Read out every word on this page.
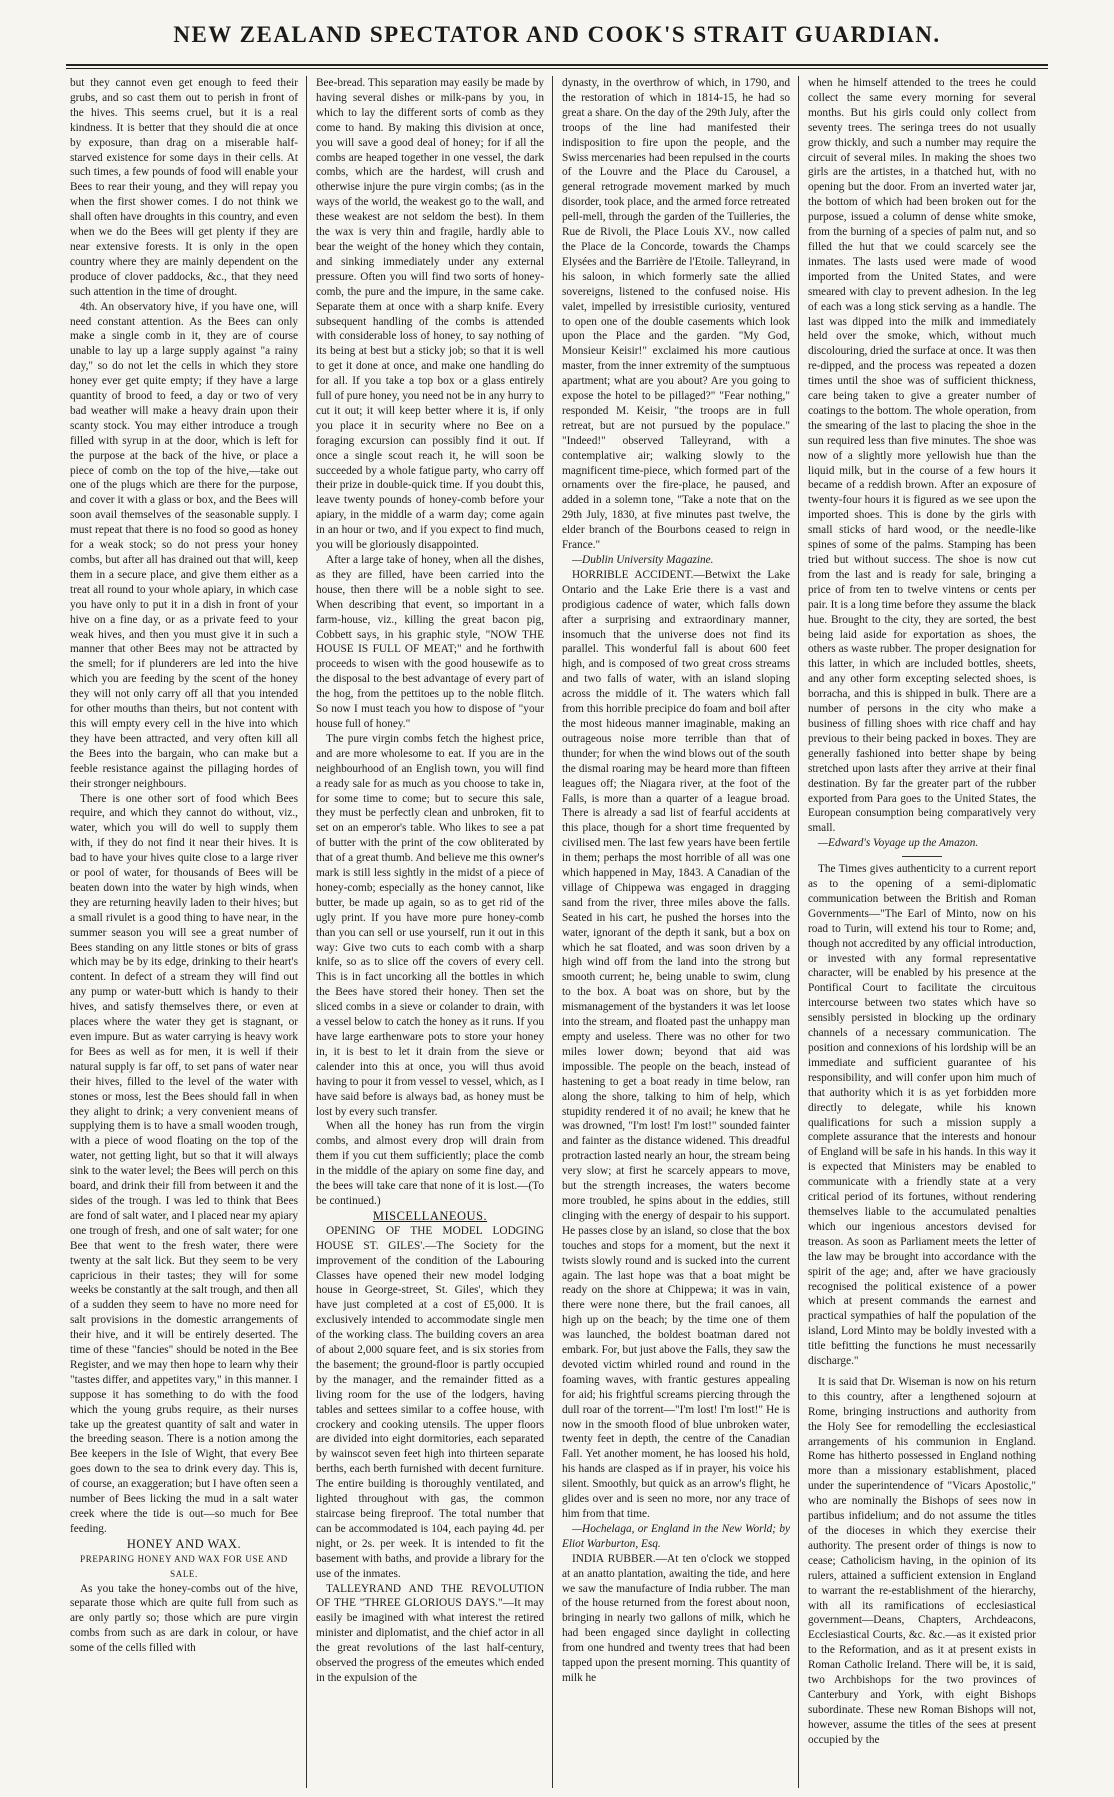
NEW ZEALAND SPECTATOR AND COOK'S STRAIT GUARDIAN.

but they cannot even get enough to feed their grubs, and so cast them out to perish in front of the hives. This seems cruel, but it is a real kindness. It is better that they should die at once by exposure, than drag on a miserable half-starved existence for some days in their cells. At such times, a few pounds of food will enable your Bees to rear their young, and they will repay you when the first shower comes. I do not think we shall often have droughts in this country, and even when we do the Bees will get plenty if they are near extensive forests. It is only in the open country where they are mainly dependent on the produce of clover paddocks, &c., that they need such attention in the time of drought.

4th. An observatory hive, if you have one, will need constant attention. As the Bees can only make a single comb in it, they are of course unable to lay up a large supply against "a rainy day," so do not let the cells in which they store honey ever get quite empty; if they have a large quantity of brood to feed, a day or two of very bad weather will make a heavy drain upon their scanty stock. You may either introduce a trough filled with syrup in at the door, which is left for the purpose at the back of the hive, or place a piece of comb on the top of the hive,—take out one of the plugs which are there for the purpose, and cover it with a glass or box, and the Bees will soon avail themselves of the seasonable supply. I must repeat that there is no food so good as honey for a weak stock; so do not press your honey combs, but after all has drained out that will, keep them in a secure place, and give them either as a treat all round to your whole apiary, in which case you have only to put it in a dish in front of your hive on a fine day, or as a private feed to your weak hives, and then you must give it in such a manner that other Bees may not be attracted by the smell; for if plunderers are led into the hive which you are feeding by the scent of the honey they will not only carry off all that you intended for other mouths than theirs, but not content with this will empty every cell in the hive into which they have been attracted, and very often kill all the Bees into the bargain, who can make but a feeble resistance against the pillaging hordes of their stronger neighbours.

There is one other sort of food which Bees require, and which they cannot do without, viz., water, which you will do well to supply them with, if they do not find it near their hives. It is bad to have your hives quite close to a large river or pool of water, for thousands of Bees will be beaten down into the water by high winds, when they are returning heavily laden to their hives; but a small rivulet is a good thing to have near, in the summer season you will see a great number of Bees standing on any little stones or bits of grass which may be by its edge, drinking to their heart's content. In defect of a stream they will find out any pump or water-butt which is handy to their hives, and satisfy themselves there, or even at places where the water they get is stagnant, or even impure. But as water carrying is heavy work for Bees as well as for men, it is well if their natural supply is far off, to set pans of water near their hives, filled to the level of the water with stones or moss, lest the Bees should fall in when they alight to drink; a very convenient means of supplying them is to have a small wooden trough, with a piece of wood floating on the top of the water, not getting light, but so that it will always sink to the water level; the Bees will perch on this board, and drink their fill from between it and the sides of the trough. I was led to think that Bees are fond of salt water, and I placed near my apiary one trough of fresh, and one of salt water; for one Bee that went to the fresh water, there were twenty at the salt lick. But they seem to be very capricious in their tastes; they will for some weeks be constantly at the salt trough, and then all of a sudden they seem to have no more need for salt provisions in the domestic arrangements of their hive, and it will be entirely deserted. The time of these "fancies" should be noted in the Bee Register, and we may then hope to learn why their "tastes differ, and appetites vary," in this manner. I suppose it has something to do with the food which the young grubs require, as their nurses take up the greatest quantity of salt and water in the breeding season. There is a notion among the Bee keepers in the Isle of Wight, that every Bee goes down to the sea to drink every day. This is, of course, an exaggeration; but I have often seen a number of Bees licking the mud in a salt water creek where the tide is out—so much for Bee feeding.

HONEY AND WAX.

PREPARING HONEY AND WAX FOR USE AND SALE.

As you take the honey-combs out of the hive, separate those which are quite full from such as are only partly so; those which are pure virgin combs from such as are dark in colour, or have some of the cells filled with

Bee-bread. This separation may easily be made by having several dishes or milk-pans by you, in which to lay the different sorts of comb as they come to hand. By making this division at once, you will save a good deal of honey; for if all the combs are heaped together in one vessel, the dark combs, which are the hardest, will crush and otherwise injure the pure virgin combs; (as in the ways of the world, the weakest go to the wall, and these weakest are not seldom the best). In them the wax is very thin and fragile, hardly able to bear the weight of the honey which they contain, and sinking immediately under any external pressure. Often you will find two sorts of honey-comb, the pure and the impure, in the same cake. Separate them at once with a sharp knife. Every subsequent handling of the combs is attended with considerable loss of honey, to say nothing of its being at best but a sticky job; so that it is well to get it done at once, and make one handling do for all. If you take a top box or a glass entirely full of pure honey, you need not be in any hurry to cut it out; it will keep better where it is, if only you place it in security where no Bee on a foraging excursion can possibly find it out. If once a single scout reach it, he will soon be succeeded by a whole fatigue party, who carry off their prize in double-quick time. If you doubt this, leave twenty pounds of honey-comb before your apiary, in the middle of a warm day; come again in an hour or two, and if you expect to find much, you will be gloriously disappointed.

After a large take of honey, when all the dishes, as they are filled, have been carried into the house, then there will be a noble sight to see. When describing that event, so important in a farm-house, viz., killing the great bacon pig, Cobbett says, in his graphic style, "NOW THE HOUSE IS FULL OF MEAT;" and he forthwith proceeds to wisen with the good housewife as to the disposal to the best advantage of every part of the hog, from the pettitoes up to the noble flitch. So now I must teach you how to dispose of "your house full of honey."

The pure virgin combs fetch the highest price, and are more wholesome to eat. If you are in the neighbourhood of an English town, you will find a ready sale for as much as you choose to take in, for some time to come; but to secure this sale, they must be perfectly clean and unbroken, fit to set on an emperor's table. Who likes to see a pat of butter with the print of the cow obliterated by that of a great thumb. And believe me this owner's mark is still less sightly in the midst of a piece of honey-comb; especially as the honey cannot, like butter, be made up again, so as to get rid of the ugly print. If you have more pure honey-comb than you can sell or use yourself, run it out in this way: Give two cuts to each comb with a sharp knife, so as to slice off the covers of every cell. This is in fact uncorking all the bottles in which the Bees have stored their honey. Then set the sliced combs in a sieve or colander to drain, with a vessel below to catch the honey as it runs. If you have large earthenware pots to store your honey in, it is best to let it drain from the sieve or calender into this at once, you will thus avoid having to pour it from vessel to vessel, which, as I have said before is always bad, as honey must be lost by every such transfer.

When all the honey has run from the virgin combs, and almost every drop will drain from them if you cut them sufficiently; place the comb in the middle of the apiary on some fine day, and the bees will take care that none of it is lost.—(To be continued.)

MISCELLANEOUS.

OPENING OF THE MODEL LODGING HOUSE ST. GILES'.—The Society for the improvement of the condition of the Labouring Classes have opened their new model lodging house in George-street, St. Giles', which they have just completed at a cost of £5,000. It is exclusively intended to accommodate single men of the working class. The building covers an area of about 2,000 square feet, and is six stories from the basement; the ground-floor is partly occupied by the manager, and the remainder fitted as a living room for the use of the lodgers, having tables and settees similar to a coffee house, with crockery and cooking utensils. The upper floors are divided into eight dormitories, each separated by wainscot seven feet high into thirteen separate berths, each berth furnished with decent furniture. The entire building is thoroughly ventilated, and lighted throughout with gas, the common staircase being fireproof. The total number that can be accommodated is 104, each paying 4d. per night, or 2s. per week. It is intended to fit the basement with baths, and provide a library for the use of the inmates.

TALLEYRAND AND THE REVOLUTION OF THE "THREE GLORIOUS DAYS."—It may easily be imagined with what interest the retired minister and diplomatist, and the chief actor in all the great revolutions of the last half-century, observed the progress of the emeutes which ended in the expulsion of the

dynasty, in the overthrow of which, in 1790, and the restoration of which in 1814-15, he had so great a share. On the day of the 29th July, after the troops of the line had manifested their indisposition to fire upon the people, and the Swiss mercenaries had been repulsed in the courts of the Louvre and the Place du Carousel, a general retrograde movement marked by much disorder, took place, and the armed force retreated pell-mell, through the garden of the Tuilleries, the Rue de Rivoli, the Place Louis XV., now called the Place de la Concorde, towards the Champs Elysées and the Barrière de l'Etoile. Talleyrand, in his saloon, in which formerly sate the allied sovereigns, listened to the confused noise. His valet, impelled by irresistible curiosity, ventured to open one of the double casements which look upon the Place and the garden. "My God, Monsieur Keisir!" exclaimed his more cautious master, from the inner extremity of the sumptuous apartment; what are you about? Are you going to expose the hotel to be pillaged?" "Fear nothing," responded M. Keisir, "the troops are in full retreat, but are not pursued by the populace." "Indeed!" observed Talleyrand, with a contemplative air; walking slowly to the magnificent time-piece, which formed part of the ornaments over the fire-place, he paused, and added in a solemn tone, "Take a note that on the 29th July, 1830, at five minutes past twelve, the elder branch of the Bourbons ceased to reign in France."

—Dublin University Magazine.

HORRIBLE ACCIDENT.—Betwixt the Lake Ontario and the Lake Erie there is a vast and prodigious cadence of water, which falls down after a surprising and extraordinary manner, insomuch that the universe does not find its parallel. This wonderful fall is about 600 feet high, and is composed of two great cross streams and two falls of water, with an island sloping across the middle of it. The waters which fall from this horrible precipice do foam and boil after the most hideous manner imaginable, making an outrageous noise more terrible than that of thunder; for when the wind blows out of the south the dismal roaring may be heard more than fifteen leagues off; the Niagara river, at the foot of the Falls, is more than a quarter of a league broad. There is already a sad list of fearful accidents at this place, though for a short time frequented by civilised men. The last few years have been fertile in them; perhaps the most horrible of all was one which happened in May, 1843. A Canadian of the village of Chippewa was engaged in dragging sand from the river, three miles above the falls. Seated in his cart, he pushed the horses into the water, ignorant of the depth it sank, but a box on which he sat floated, and was soon driven by a high wind off from the land into the strong but smooth current; he, being unable to swim, clung to the box. A boat was on shore, but by the mismanagement of the bystanders it was let loose into the stream, and floated past the unhappy man empty and useless. There was no other for two miles lower down; beyond that aid was impossible. The people on the beach, instead of hastening to get a boat ready in time below, ran along the shore, talking to him of help, which stupidity rendered it of no avail; he knew that he was drowned, "I'm lost! I'm lost!" sounded fainter and fainter as the distance widened. This dreadful protraction lasted nearly an hour, the stream being very slow; at first he scarcely appears to move, but the strength increases, the waters become more troubled, he spins about in the eddies, still clinging with the energy of despair to his support. He passes close by an island, so close that the box touches and stops for a moment, but the next it twists slowly round and is sucked into the current again. The last hope was that a boat might be ready on the shore at Chippewa; it was in vain, there were none there, but the frail canoes, all high up on the beach; by the time one of them was launched, the boldest boatman dared not embark. For, but just above the Falls, they saw the devoted victim whirled round and round in the foaming waves, with frantic gestures appealing for aid; his frightful screams piercing through the dull roar of the torrent—"I'm lost! I'm lost!" He is now in the smooth flood of blue unbroken water, twenty feet in depth, the centre of the Canadian Fall. Yet another moment, he has loosed his hold, his hands are clasped as if in prayer, his voice his silent. Smoothly, but quick as an arrow's flight, he glides over and is seen no more, nor any trace of him from that time.

—Hochelaga, or England in the New World; by Eliot Warburton, Esq.

INDIA RUBBER.—At ten o'clock we stopped at an anatto plantation, awaiting the tide, and here we saw the manufacture of India rubber. The man of the house returned from the forest about noon, bringing in nearly two gallons of milk, which he had been engaged since daylight in collecting from one hundred and twenty trees that had been tapped upon the present morning. This quantity of milk he

when he himself attended to the trees he could collect the same every morning for several months. But his girls could only collect from seventy trees. The seringa trees do not usually grow thickly, and such a number may require the circuit of several miles. In making the shoes two girls are the artistes, in a thatched hut, with no opening but the door. From an inverted water jar, the bottom of which had been broken out for the purpose, issued a column of dense white smoke, from the burning of a species of palm nut, and so filled the hut that we could scarcely see the inmates. The lasts used were made of wood imported from the United States, and were smeared with clay to prevent adhesion. In the leg of each was a long stick serving as a handle. The last was dipped into the milk and immediately held over the smoke, which, without much discolouring, dried the surface at once. It was then re-dipped, and the process was repeated a dozen times until the shoe was of sufficient thickness, care being taken to give a greater number of coatings to the bottom. The whole operation, from the smearing of the last to placing the shoe in the sun required less than five minutes. The shoe was now of a slightly more yellowish hue than the liquid milk, but in the course of a few hours it became of a reddish brown. After an exposure of twenty-four hours it is figured as we see upon the imported shoes. This is done by the girls with small sticks of hard wood, or the needle-like spines of some of the palms. Stamping has been tried but without success. The shoe is now cut from the last and is ready for sale, bringing a price of from ten to twelve vintens or cents per pair. It is a long time before they assume the black hue. Brought to the city, they are sorted, the best being laid aside for exportation as shoes, the others as waste rubber. The proper designation for this latter, in which are included bottles, sheets, and any other form excepting selected shoes, is borracha, and this is shipped in bulk. There are a number of persons in the city who make a business of filling shoes with rice chaff and hay previous to their being packed in boxes. They are generally fashioned into better shape by being stretched upon lasts after they arrive at their final destination. By far the greater part of the rubber exported from Para goes to the United States, the European consumption being comparatively very small.

—Edward's Voyage up the Amazon.

The Times gives authenticity to a current report as to the opening of a semi-diplomatic communication between the British and Roman Governments—"The Earl of Minto, now on his road to Turin, will extend his tour to Rome; and, though not accredited by any official introduction, or invested with any formal representative character, will be enabled by his presence at the Pontifical Court to facilitate the circuitous intercourse between two states which have so sensibly persisted in blocking up the ordinary channels of a necessary communication. The position and connexions of his lordship will be an immediate and sufficient guarantee of his responsibility, and will confer upon him much of that authority which it is as yet forbidden more directly to delegate, while his known qualifications for such a mission supply a complete assurance that the interests and honour of England will be safe in his hands. In this way it is expected that Ministers may be enabled to communicate with a friendly state at a very critical period of its fortunes, without rendering themselves liable to the accumulated penalties which our ingenious ancestors devised for treason. As soon as Parliament meets the letter of the law may be brought into accordance with the spirit of the age; and, after we have graciously recognised the political existence of a power which at present commands the earnest and practical sympathies of half the population of the island, Lord Minto may be boldly invested with a title befitting the functions he must necessarily discharge."

It is said that Dr. Wiseman is now on his return to this country, after a lengthened sojourn at Rome, bringing instructions and authority from the Holy See for remodelling the ecclesiastical arrangements of his communion in England. Rome has hitherto possessed in England nothing more than a missionary establishment, placed under the superintendence of "Vicars Apostolic," who are nominally the Bishops of sees now in partibus infidelium; and do not assume the titles of the dioceses in which they exercise their authority. The present order of things is now to cease; Catholicism having, in the opinion of its rulers, attained a sufficient extension in England to warrant the re-establishment of the hierarchy, with all its ramifications of ecclesiastical government—Deans, Chapters, Archdeacons, Ecclesiastical Courts, &c. &c.—as it existed prior to the Reformation, and as it at present exists in Roman Catholic Ireland. There will be, it is said, two Archbishops for the two provinces of Canterbury and York, with eight Bishops subordinate. These new Roman Bishops will not, however, assume the titles of the sees at present occupied by the
